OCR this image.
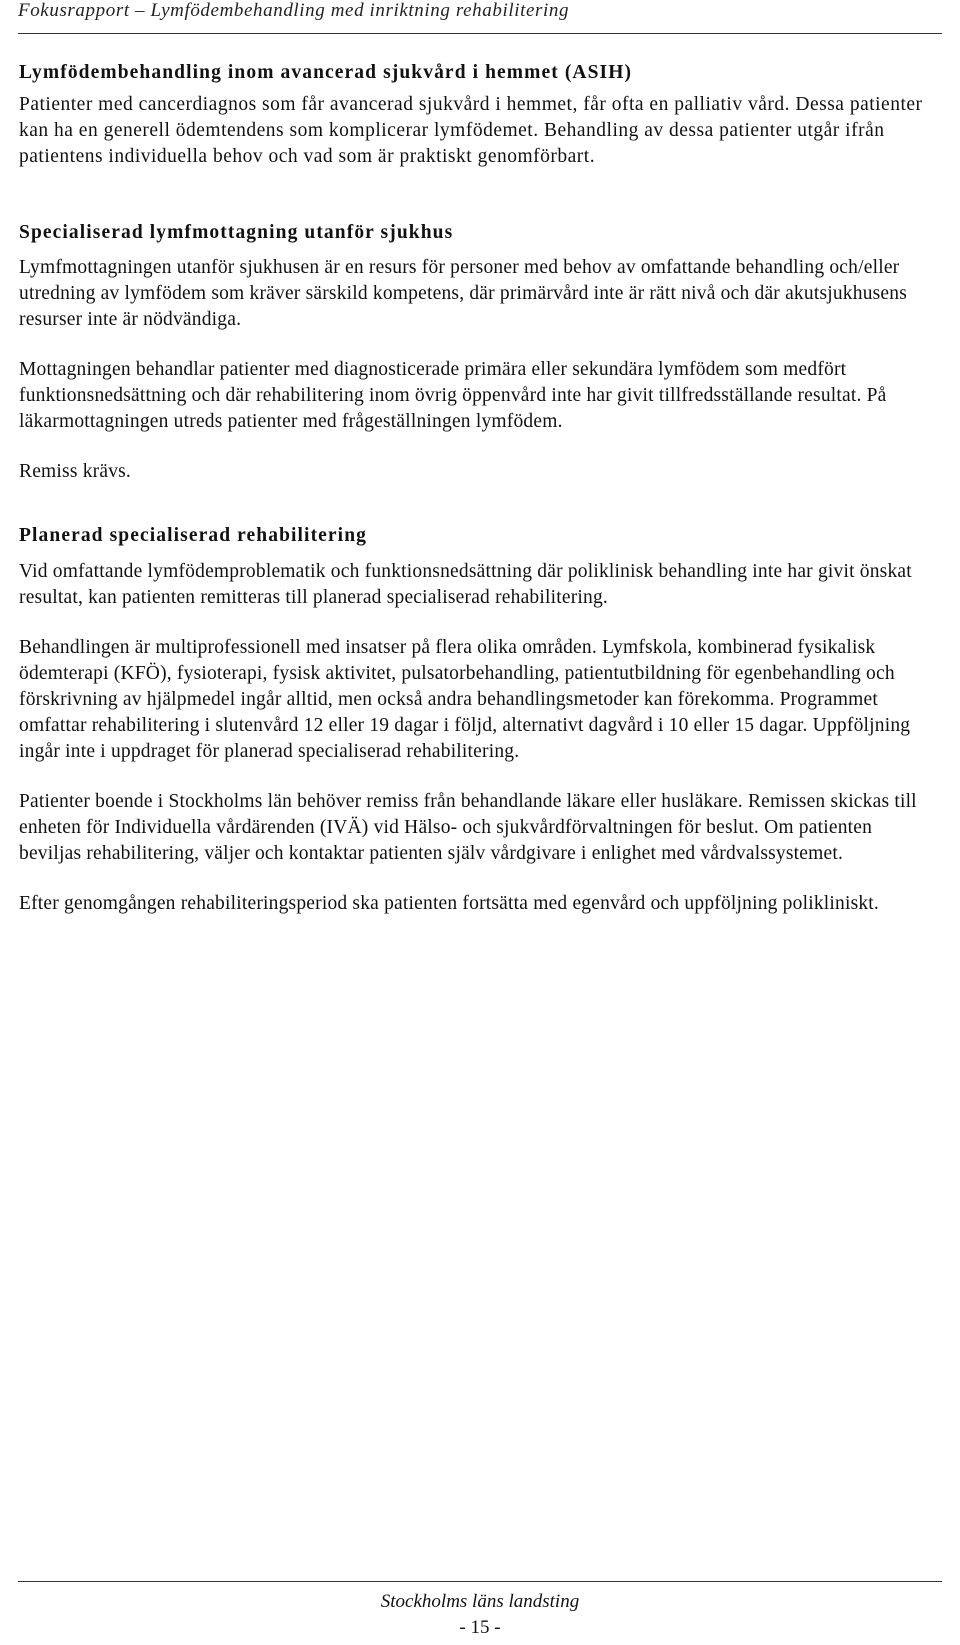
Fokusrapport – Lymfödembehandling med inriktning rehabilitering
Lymfödembehandling inom avancerad sjukvård i hemmet (ASIH)

Patienter med cancerdiagnos som får avancerad sjukvård i hemmet, får ofta en palliativ vård. Dessa patienter kan ha en generell ödemtendens som komplicerar lymfödemet. Behandling av dessa patienter utgår ifrån patientens individuella behov och vad som är praktiskt genomförbart.

Specialiserad lymfmottagning utanför sjukhus

Lymfmottagningen utanför sjukhusen är en resurs för personer med behov av omfattande behandling och/eller utredning av lymfödem som kräver särskild kompetens, där primärvård inte är rätt nivå och där akutsjukhusens resurser inte är nödvändiga.

Mottagningen behandlar patienter med diagnosticerade primära eller sekundära lymfödem som medfört funktionsnedsättning och där rehabilitering inom övrig öppenvård inte har givit tillfredsställande resultat. På läkarmottagningen utreds patienter med frågeställningen lymfödem.

Remiss krävs.

Planerad specialiserad rehabilitering

Vid omfattande lymfödemproblematik och funktionsnedsättning där poliklinisk behandling inte har givit önskat resultat, kan patienten remitteras till planerad specialiserad rehabilitering.

Behandlingen är multiprofessionell med insatser på flera olika områden. Lymfskola, kombinerad fysikalisk ödemterapi (KFÖ), fysioterapi, fysisk aktivitet, pulsatorbehandling, patientutbildning för egenbehandling och förskrivning av hjälpmedel ingår alltid, men också andra behandlingsmetoder kan förekomma. Programmet omfattar rehabilitering i slutenvård 12 eller 19 dagar i följd, alternativt dagvård i 10 eller 15 dagar. Uppföljning ingår inte i uppdraget för planerad specialiserad rehabilitering.

Patienter boende i Stockholms län behöver remiss från behandlande läkare eller husläkare. Remissen skickas till enheten för Individuella vårdärenden (IVÄ) vid Hälso- och sjukvårdförvaltningen för beslut. Om patienten beviljas rehabilitering, väljer och kontaktar patienten själv vårdgivare i enlighet med vårdvalssystemet.

Efter genomgången rehabiliteringsperiod ska patienten fortsätta med egenvård och uppföljning polikliniskt.

Stockholms läns landsting
- 15 -
